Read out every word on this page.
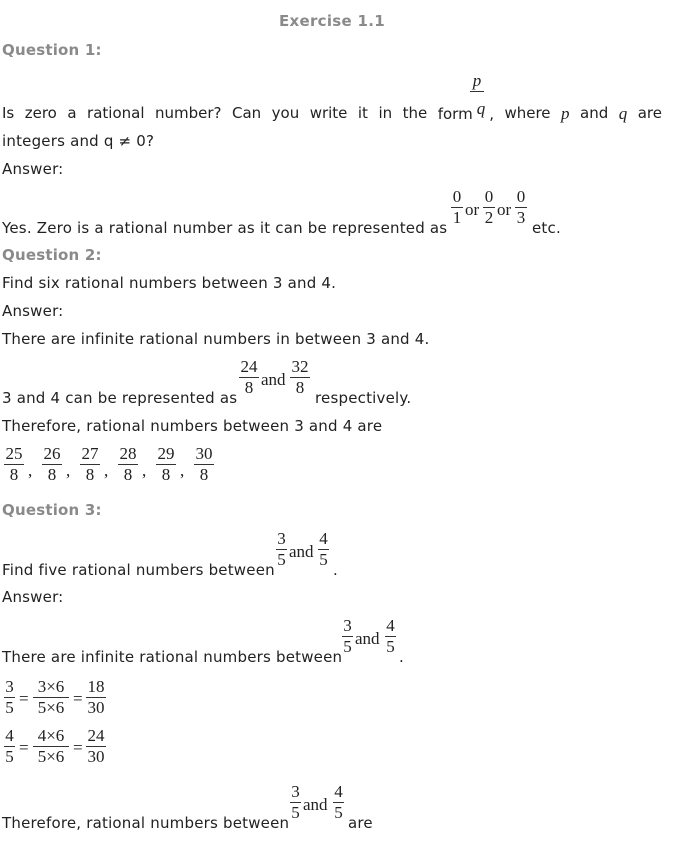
Exercise 1.1
Question 1:
p
Is zero a rational number? Can you write it in the form q , where p and q are
integers and q ≠ 0?
Answer:
Yes. Zero is a rational number as it can be represented as
0
1 or
0
2 or
0
3
etc.
Question 2:
Find six rational numbers between 3 and 4.
Answer:
There are infinite rational numbers in between 3 and 4.
3 and 4 can be represented as
24
8 and
32
8
respectively.
Therefore, rational numbers between 3 and 4 are
25
8 ,
26
8 ,
27
8 ,
28
8 ,
29
8 ,
30
8
Question 3:
Find five rational numbers between
3
5 and
4
5
.
Answer:
There are infinite rational numbers between
3
5 and
4
5
.
3
5 =
3×6
5×6 =
18
30
4
5 =
4×6
5×6 =
24
30
Therefore, rational numbers between
3
5 and
4
5
are
